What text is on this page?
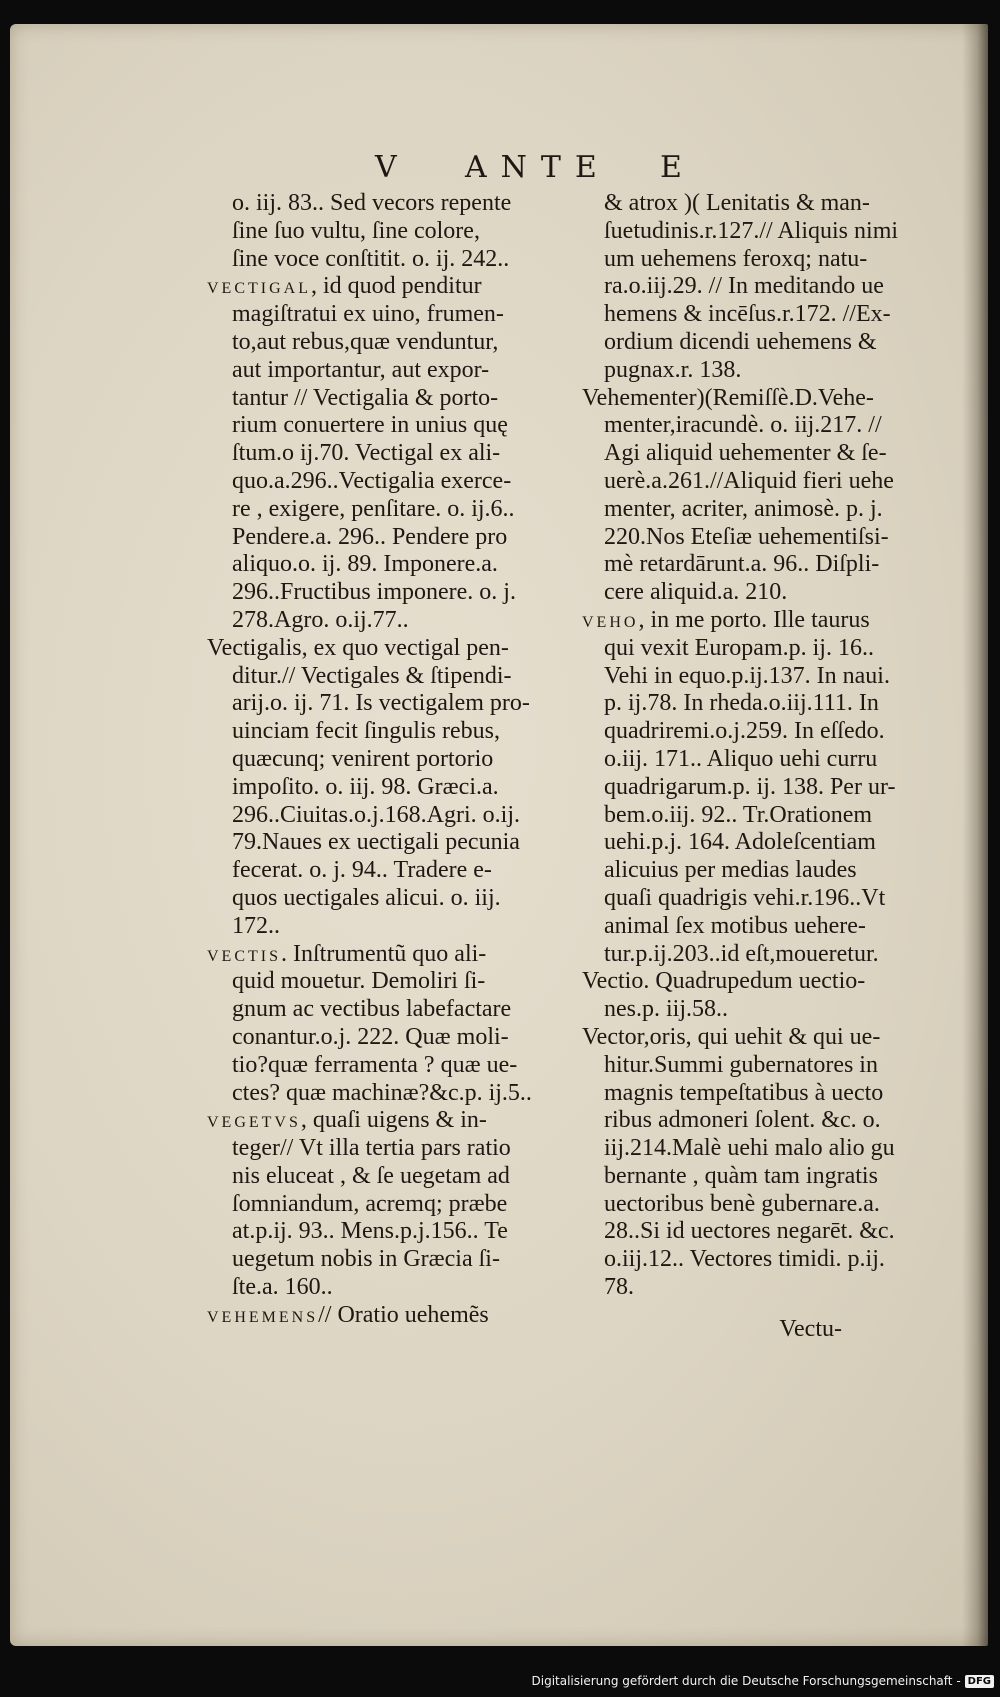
V ANTE E
o. iij. 83.. Sed vecors repente
ſine ſuo vultu, ſine colore,
ſine voce conſtitit. o. ij. 242..
VECTIGAL, id quod penditur
magiſtratui ex uino, frumen-
to,aut rebus,quæ venduntur,
aut importantur, aut expor-
tantur // Vectigalia & porto-
rium conuertere in unius quę
ſtum.o ij.70. Vectigal ex ali-
quo.a.296..Vectigalia exerce-
re , exigere, penſitare. o. ij.6..
Pendere.a. 296.. Pendere pro
aliquo.o. ij. 89. Imponere.a.
296..Fructibus imponere. o. j.
278.Agro. o.ij.77..
Vectigalis, ex quo vectigal pen-
ditur.// Vectigales & ſtipendi-
arij.o. ij. 71. Is vectigalem pro-
uinciam fecit ſingulis rebus,
quæcunq; venirent portorio
impoſito. o. iij. 98. Græci.a.
296..Ciuitas.o.j.168.Agri. o.ij.
79.Naues ex uectigali pecunia
fecerat. o. j. 94.. Tradere e-
quos uectigales alicui. o. iij.
172..
VECTIS. Inſtrumentũ quo ali-
quid mouetur. Demoliri ſi-
gnum ac vectibus labefactare
conantur.o.j. 222. Quæ moli-
tio?quæ ferramenta ? quæ ue-
ctes? quæ machinæ?&c.p. ij.5..
VEGETVS, quaſi uigens & in-
teger// Vt illa tertia pars ratio
nis eluceat , & ſe uegetam ad
ſomniandum, acremq; præbe
at.p.ij. 93.. Mens.p.j.156.. Te
uegetum nobis in Græcia ſi-
ſte.a. 160..
VEHEMENS// Oratio uehemẽs
& atrox )( Lenitatis & man-
ſuetudinis.r.127.// Aliquis nimi
um uehemens feroxq; natu-
ra.o.iij.29. // In meditando ue
hemens & incēſus.r.172. //Ex-
ordium dicendi uehemens &
pugnax.r. 138.
Vehementer)(Remiſſè.D.Vehe-
menter,iracundè. o. iij.217. //
Agi aliquid uehementer & ſe-
uerè.a.261.//Aliquid fieri uehe
menter, acriter, animosè. p. j.
220.Nos Eteſiæ uehementiſsi-
mè retardārunt.a. 96.. Diſpli-
cere aliquid.a. 210.
VEHO, in me porto. Ille taurus
qui vexit Europam.p. ij. 16..
Vehi in equo.p.ij.137. In naui.
p. ij.78. In rheda.o.iij.111. In
quadriremi.o.j.259. In eſſedo.
o.iij. 171.. Aliquo uehi curru
quadrigarum.p. ij. 138. Per ur-
bem.o.iij. 92.. Tr.Orationem
uehi.p.j. 164. Adoleſcentiam
alicuius per medias laudes
quaſi quadrigis vehi.r.196..Vt
animal ſex motibus uehere-
tur.p.ij.203..id eſt,moueretur.
Vectio. Quadrupedum uectio-
nes.p. iij.58..
Vector,oris, qui uehit & qui ue-
hitur.Summi gubernatores in
magnis tempeſtatibus à uecto
ribus admoneri ſolent. &c. o.
iij.214.Malè uehi malo alio gu
bernante , quàm tam ingratis
uectoribus benè gubernare.a.
28..Si id uectores negarēt. &c.
o.iij.12.. Vectores timidi. p.ij.
78.
Vectu-
Digitalisierung gefördert durch die Deutsche Forschungsgemeinschaft - DFG
